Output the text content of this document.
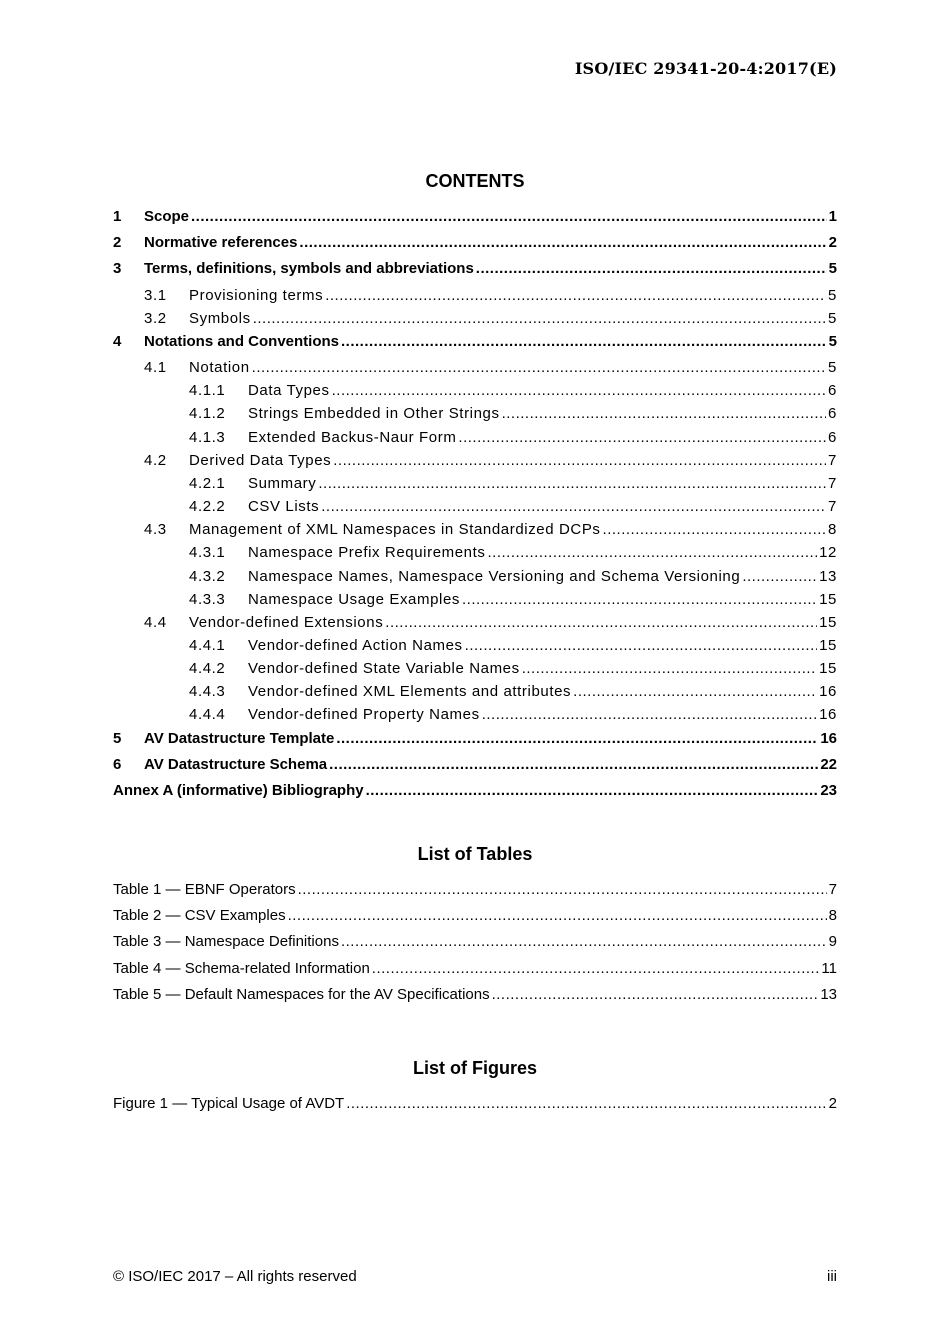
ISO/IEC 29341-20-4:2017(E)
CONTENTS
1	Scope .....	1
2	Normative references .....	2
3	Terms, definitions, symbols and abbreviations .....	5
3.1	Provisioning terms .....	5
3.2	Symbols .....	5
4	Notations and Conventions .....	5
4.1	Notation .....	5
4.1.1	Data Types .....	6
4.1.2	Strings Embedded in Other Strings .....	6
4.1.3	Extended Backus-Naur Form .....	6
4.2	Derived Data Types .....	7
4.2.1	Summary .....	7
4.2.2	CSV Lists .....	7
4.3	Management of XML Namespaces in Standardized DCPs .....	8
4.3.1	Namespace Prefix Requirements .....	12
4.3.2	Namespace Names, Namespace Versioning and Schema Versioning .....	13
4.3.3	Namespace Usage Examples .....	15
4.4	Vendor-defined Extensions .....	15
4.4.1	Vendor-defined Action Names .....	15
4.4.2	Vendor-defined State Variable Names .....	15
4.4.3	Vendor-defined XML Elements and attributes .....	16
4.4.4	Vendor-defined Property Names .....	16
5	AV Datastructure Template .....	16
6	AV Datastructure Schema .....	22
Annex A (informative) Bibliography .....	23
List of Tables
Table 1 — EBNF Operators .....	7
Table 2 — CSV Examples .....	8
Table 3 — Namespace Definitions .....	9
Table 4 — Schema-related Information .....	11
Table 5 — Default Namespaces for the AV Specifications .....	13
List of Figures
Figure 1 — Typical Usage of AVDT .....	2
© ISO/IEC 2017 – All rights reserved	iii
